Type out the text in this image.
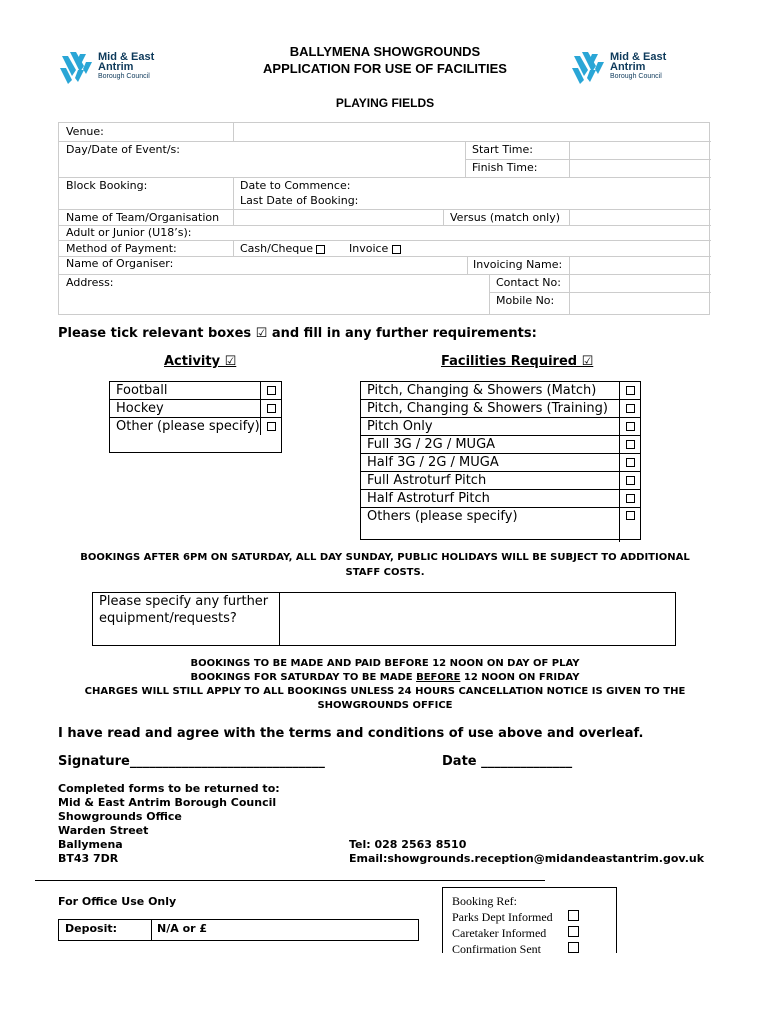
Mid & East
Antrim
Borough Council
Mid & East
Antrim
Borough Council
BALLYMENA SHOWGROUNDS
APPLICATION FOR USE OF FACILITIES
PLAYING FIELDS
Venue:
Day/Date of Event/s:	Start Time:
Finish Time:
Block Booking:	Date to Commence:
Last Date of Booking:
Name of Team/Organisation	Versus (match only)
Adult or Junior (U18’s):
Method of Payment:	Cash/Cheque	Invoice
Name of Organiser:	Invoicing Name:
Address:	Contact No:
Mobile No:
Please tick relevant boxes ☑ and fill in any further requirements:
Activity ☑	Facilities Required ☑
Football
Hockey
Other (please specify)
Pitch, Changing & Showers (Match)
Pitch, Changing & Showers (Training)
Pitch Only
Full 3G / 2G / MUGA
Half 3G / 2G / MUGA
Full Astroturf Pitch
Half Astroturf Pitch
Others (please specify)
BOOKINGS AFTER 6PM ON SATURDAY, ALL DAY SUNDAY, PUBLIC HOLIDAYS WILL BE SUBJECT TO ADDITIONAL
STAFF COSTS.
Please specify any further equipment/requests?
BOOKINGS TO BE MADE AND PAID BEFORE 12 NOON ON DAY OF PLAY
BOOKINGS FOR SATURDAY TO BE MADE BEFORE 12 NOON ON FRIDAY
CHARGES WILL STILL APPLY TO ALL BOOKINGS UNLESS 24 HOURS CANCELLATION NOTICE IS GIVEN TO THE
SHOWGROUNDS OFFICE
I have read and agree with the terms and conditions of use above and overleaf.
Signature______________________________	Date ______________
Completed forms to be returned to:
Mid & East Antrim Borough Council
Showgrounds Office
Warden Street
Ballymena
BT43 7DR
Tel: 028 2563 8510
Email:showgrounds.reception@midandeastantrim.gov.uk
For Office Use Only
Deposit:	N/A or £
Booking Ref:
Parks Dept Informed
Caretaker Informed
Confirmation Sent
